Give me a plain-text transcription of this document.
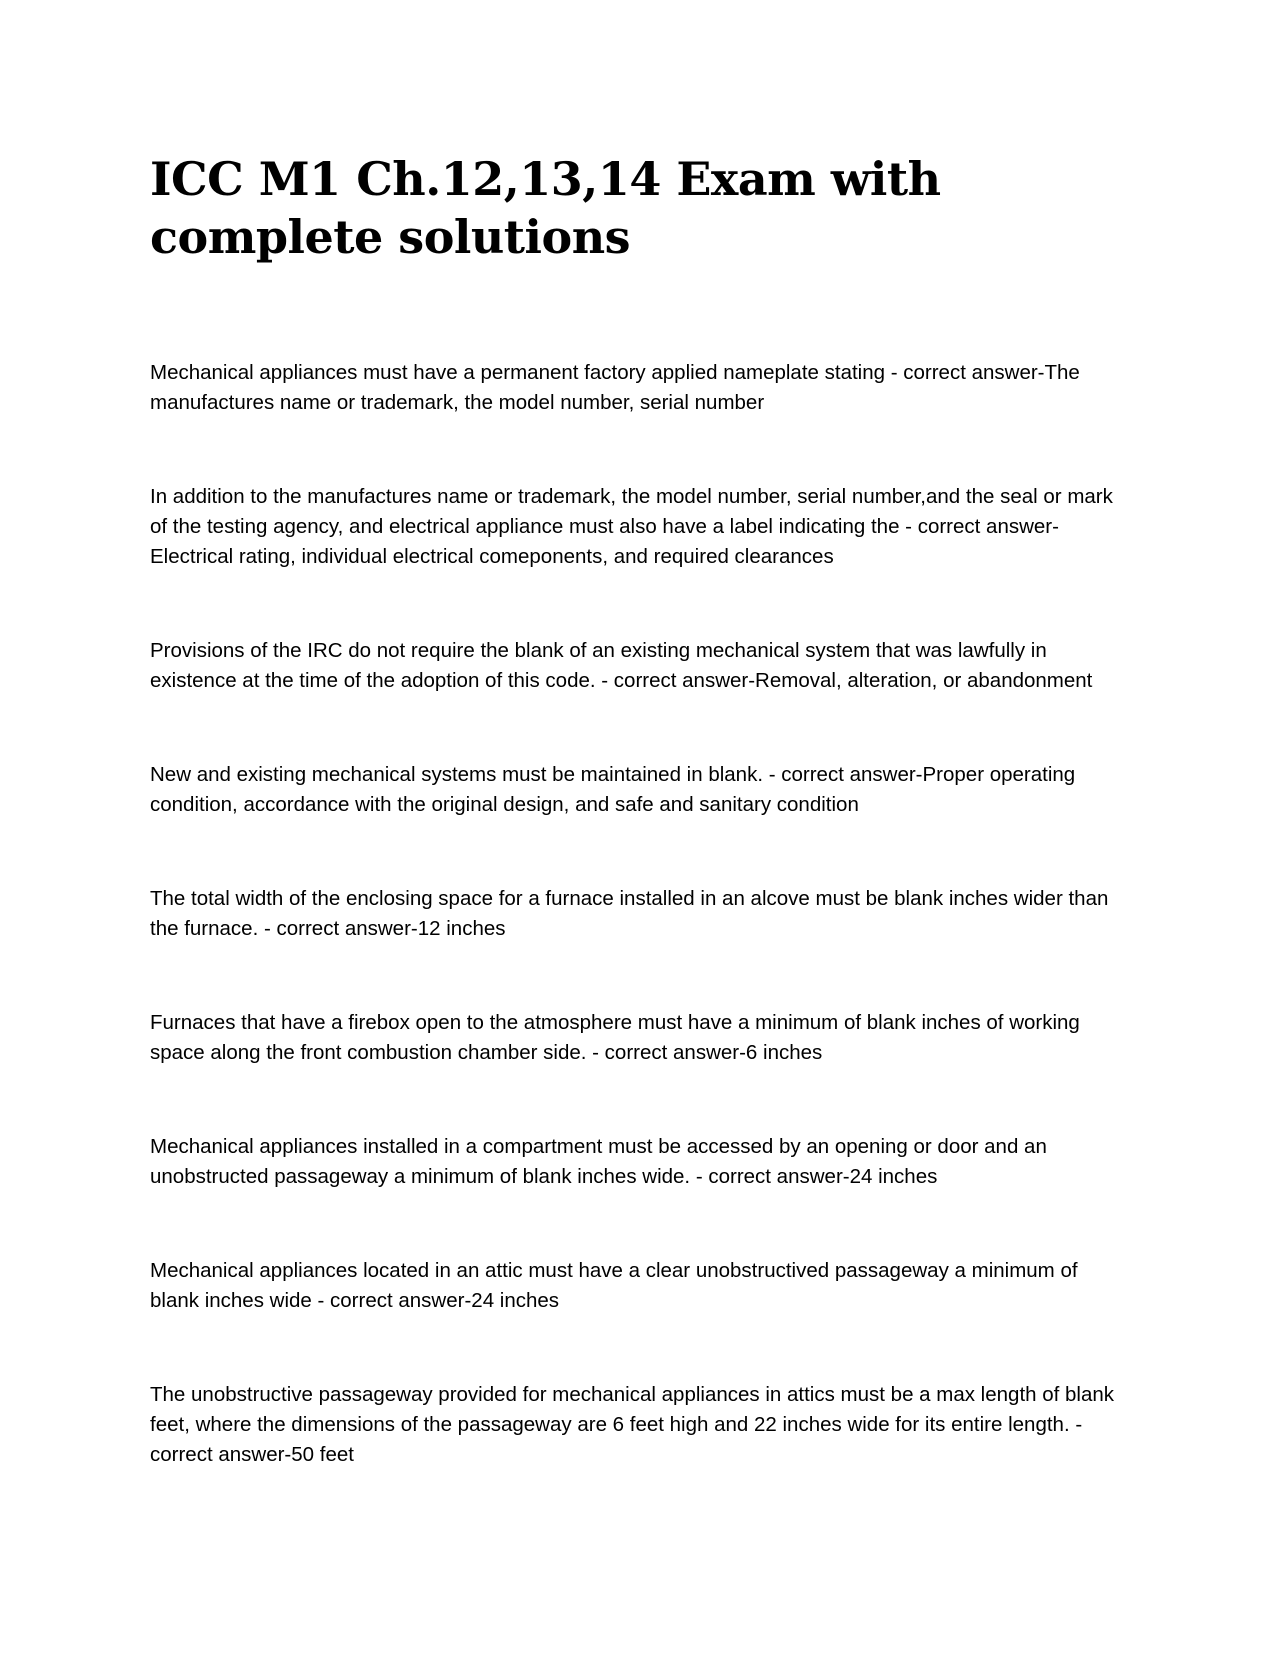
ICC M1 Ch.12,13,14 Exam with complete solutions

Mechanical appliances must have a permanent factory applied nameplate stating - correct answer-The manufactures name or trademark, the model number, serial number

In addition to the manufactures name or trademark, the model number, serial number,and the seal or mark of the testing agency, and electrical appliance must also have a label indicating the - correct answer-Electrical rating, individual electrical comeponents, and required clearances

Provisions of the IRC do not require the blank of an existing mechanical system that was lawfully in existence at the time of the adoption of this code. - correct answer-Removal, alteration, or abandonment

New and existing mechanical systems must be maintained in blank. - correct answer-Proper operating condition, accordance with the original design, and safe and sanitary condition

The total width of the enclosing space for a furnace installed in an alcove must be blank inches wider than the furnace. - correct answer-12 inches

Furnaces that have a firebox open to the atmosphere must have a minimum of blank inches of working space along the front combustion chamber side. - correct answer-6 inches

Mechanical appliances installed in a compartment must be accessed by an opening or door and an unobstructed passageway a minimum of blank inches wide. - correct answer-24 inches

Mechanical appliances located in an attic must have a clear unobstructived passageway a minimum of blank inches wide - correct answer-24 inches

The unobstructive passageway provided for mechanical appliances in attics must be a max length of blank feet, where the dimensions of the passageway are 6 feet high and 22 inches wide for its entire length. - correct answer-50 feet
